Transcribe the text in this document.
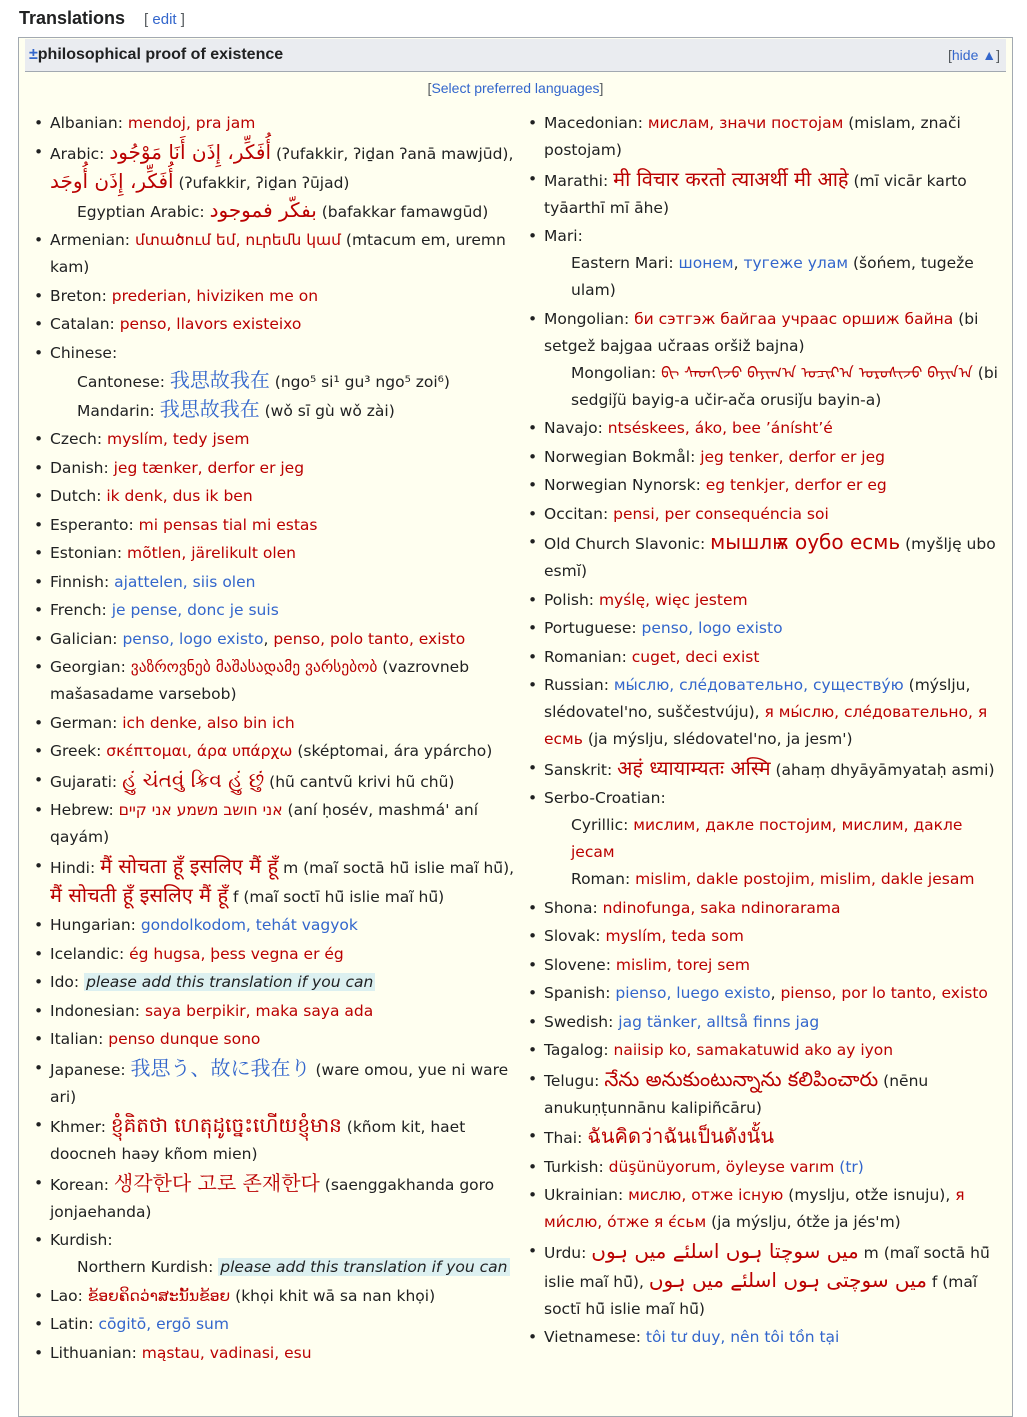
Translations [ edit ]
±philosophical proof of existence	[hide ▲]
[Select preferred languages]
• Albanian: mendoj, pra jam
• Arabic: أُفَكِّر، إِذَن أَنَا مَوْجُود (ʔufakkir, ʔiḏan ʔanā mawjūd), أُفَكِّر، إِذَن أُوجَد (ʔufakkir, ʔiḏan ʔūjad)
Egyptian Arabic: بفكّر فموجود (bafakkar famawgūd)
• Armenian: մտածում եմ, ուրեմն կամ (mtacum em, uremn kam)
• Breton: prederian, hiviziken me on
• Catalan: penso, llavors existeixo
• Chinese:
Cantonese: 我思故我在 (ngo⁵ si¹ gu³ ngo⁵ zoi⁶)
Mandarin: 我思故我在 (wǒ sī gù wǒ zài)
• Czech: myslím, tedy jsem
• Danish: jeg tænker, derfor er jeg
• Dutch: ik denk, dus ik ben
• Esperanto: mi pensas tial mi estas
• Estonian: mõtlen, järelikult olen
• Finnish: ajattelen, siis olen
• French: je pense, donc je suis
• Galician: penso, logo existo, penso, polo tanto, existo
• Georgian: ვაზროვნებ მაშასადამე ვარსებობ (vazrovneb mašasadame varsebob)
• German: ich denke, also bin ich
• Greek: σκέπτομαι, άρα υπάρχω (sképtomai, ára ypárcho)
• Gujarati: હું ચંતવું ક્રિવ હું છું (hũ cantvũ krivi hũ chũ)
• Hebrew: אני חושב משמע אני קיים (aní ḥosév, mashmá' aní qayám)
• Hindi: मैं सोचता हूँ इसलिए मैं हूँ m (maĩ soctā hū̃ islie maĩ hū̃), मैं सोचती हूँ इसलिए मैं हूँ f (maĩ soctī hū̃ islie maĩ hū̃)
• Hungarian: gondolkodom, tehát vagyok
• Icelandic: ég hugsa, þess vegna er ég
• Ido: please add this translation if you can
• Indonesian: saya berpikir, maka saya ada
• Italian: penso dunque sono
• Japanese: 我思う、故に我在り (ware omou, yue ni ware ari)
• Khmer: ខ្ញុំគិតថា ហេតុដូច្នេះហើយខ្ញុំមាន (kñom kit, haet doocneh haəy kñom mien)
• Korean: 생각한다 고로 존재한다 (saenggakhanda goro jonjaehanda)
• Kurdish:
Northern Kurdish: please add this translation if you can
• Lao: ຂ້ອຍຄິດວ່າສະນັ້ນຂ້ອຍ (khọi khit wā sa nan khọi)
• Latin: cōgitō, ergō sum
• Lithuanian: mąstau, vadinasi, esu
• Macedonian: мислам, значи постојам (mislam, znači postojam)
• Marathi: मी विचार करतो त्याअर्थी मी आहे (mī vicār karto tyāarthī mī āhe)
• Mari:
Eastern Mari: шонем, тугеже улам (šońem, tugeže ulam)
• Mongolian: би сэтгэж байгаа учраас оршиж байна (bi setgež bajgaa učraas oršiž bajna)
Mongolian: ᠪᠢ ᠰᠡᠳᠬᠢᠵᠦ ᠪᠠᠶᠢᠭ᠎ᠠ ᠤᠴᠢᠷ᠎ᠠ ᠣᠷᠤᠰᠢᠵᠤ ᠪᠠᠶᠢᠨ᠎ᠠ (bi sedgiǰü bayig-a učir-ača orusiǰu bayin-a)
• Navajo: ntséskees, áko, bee ʼáníshtʼé
• Norwegian Bokmål: jeg tenker, derfor er jeg
• Norwegian Nynorsk: eg tenkjer, derfor er eg
• Occitan: pensi, per consequéncia soi
• Old Church Slavonic: мышлѭ оубо есмь (myšlję ubo esmĭ)
• Polish: myślę, więc jestem
• Portuguese: penso, logo existo
• Romanian: cuget, deci exist
• Russian: мы́слю, слéдовательно, существу́ю (mýslju, slédovatel'no, suščestvúju), я мы́слю, слéдовательно, я есмь (ja mýslju, slédovatel'no, ja jesm')
• Sanskrit: अहं ध्यायाम्यतः अस्मि (ahaṃ dhyāyāmyataḥ asmi)
• Serbo-Croatian:
Cyrillic: мислим, дакле постојим, мислим, дакле јесам
Roman: mislim, dakle postojim, mislim, dakle jesam
• Shona: ndinofunga, saka ndinorarama
• Slovak: myslím, teda som
• Slovene: mislim, torej sem
• Spanish: pienso, luego existo, pienso, por lo tanto, existo
• Swedish: jag tänker, alltså finns jag
• Tagalog: naiisip ko, samakatuwid ako ay iyon
• Telugu: నేను అనుకుంటున్నాను కలిపించారు (nēnu anukuṇṭunnānu kalipiñcāru)
• Thai: ฉันคิดว่าฉันเป็นดังนั้น
• Turkish: düşünüyorum, öyleyse varım (tr)
• Ukrainian: мислю, отже існую (myslju, otže isnuju), я ми́слю, о́тже я є́сьм (ja mýslju, ótže ja jés'm)
• Urdu: میں سوچتا ہوں اسلئے میں ہوں m (maĩ soctā hū̃ islie maĩ hū̃), میں سوچتی ہوں اسلئے میں ہوں f (maĩ soctī hū̃ islie maĩ hū̃)
• Vietnamese: tôi tư duy, nên tôi tồn tại
